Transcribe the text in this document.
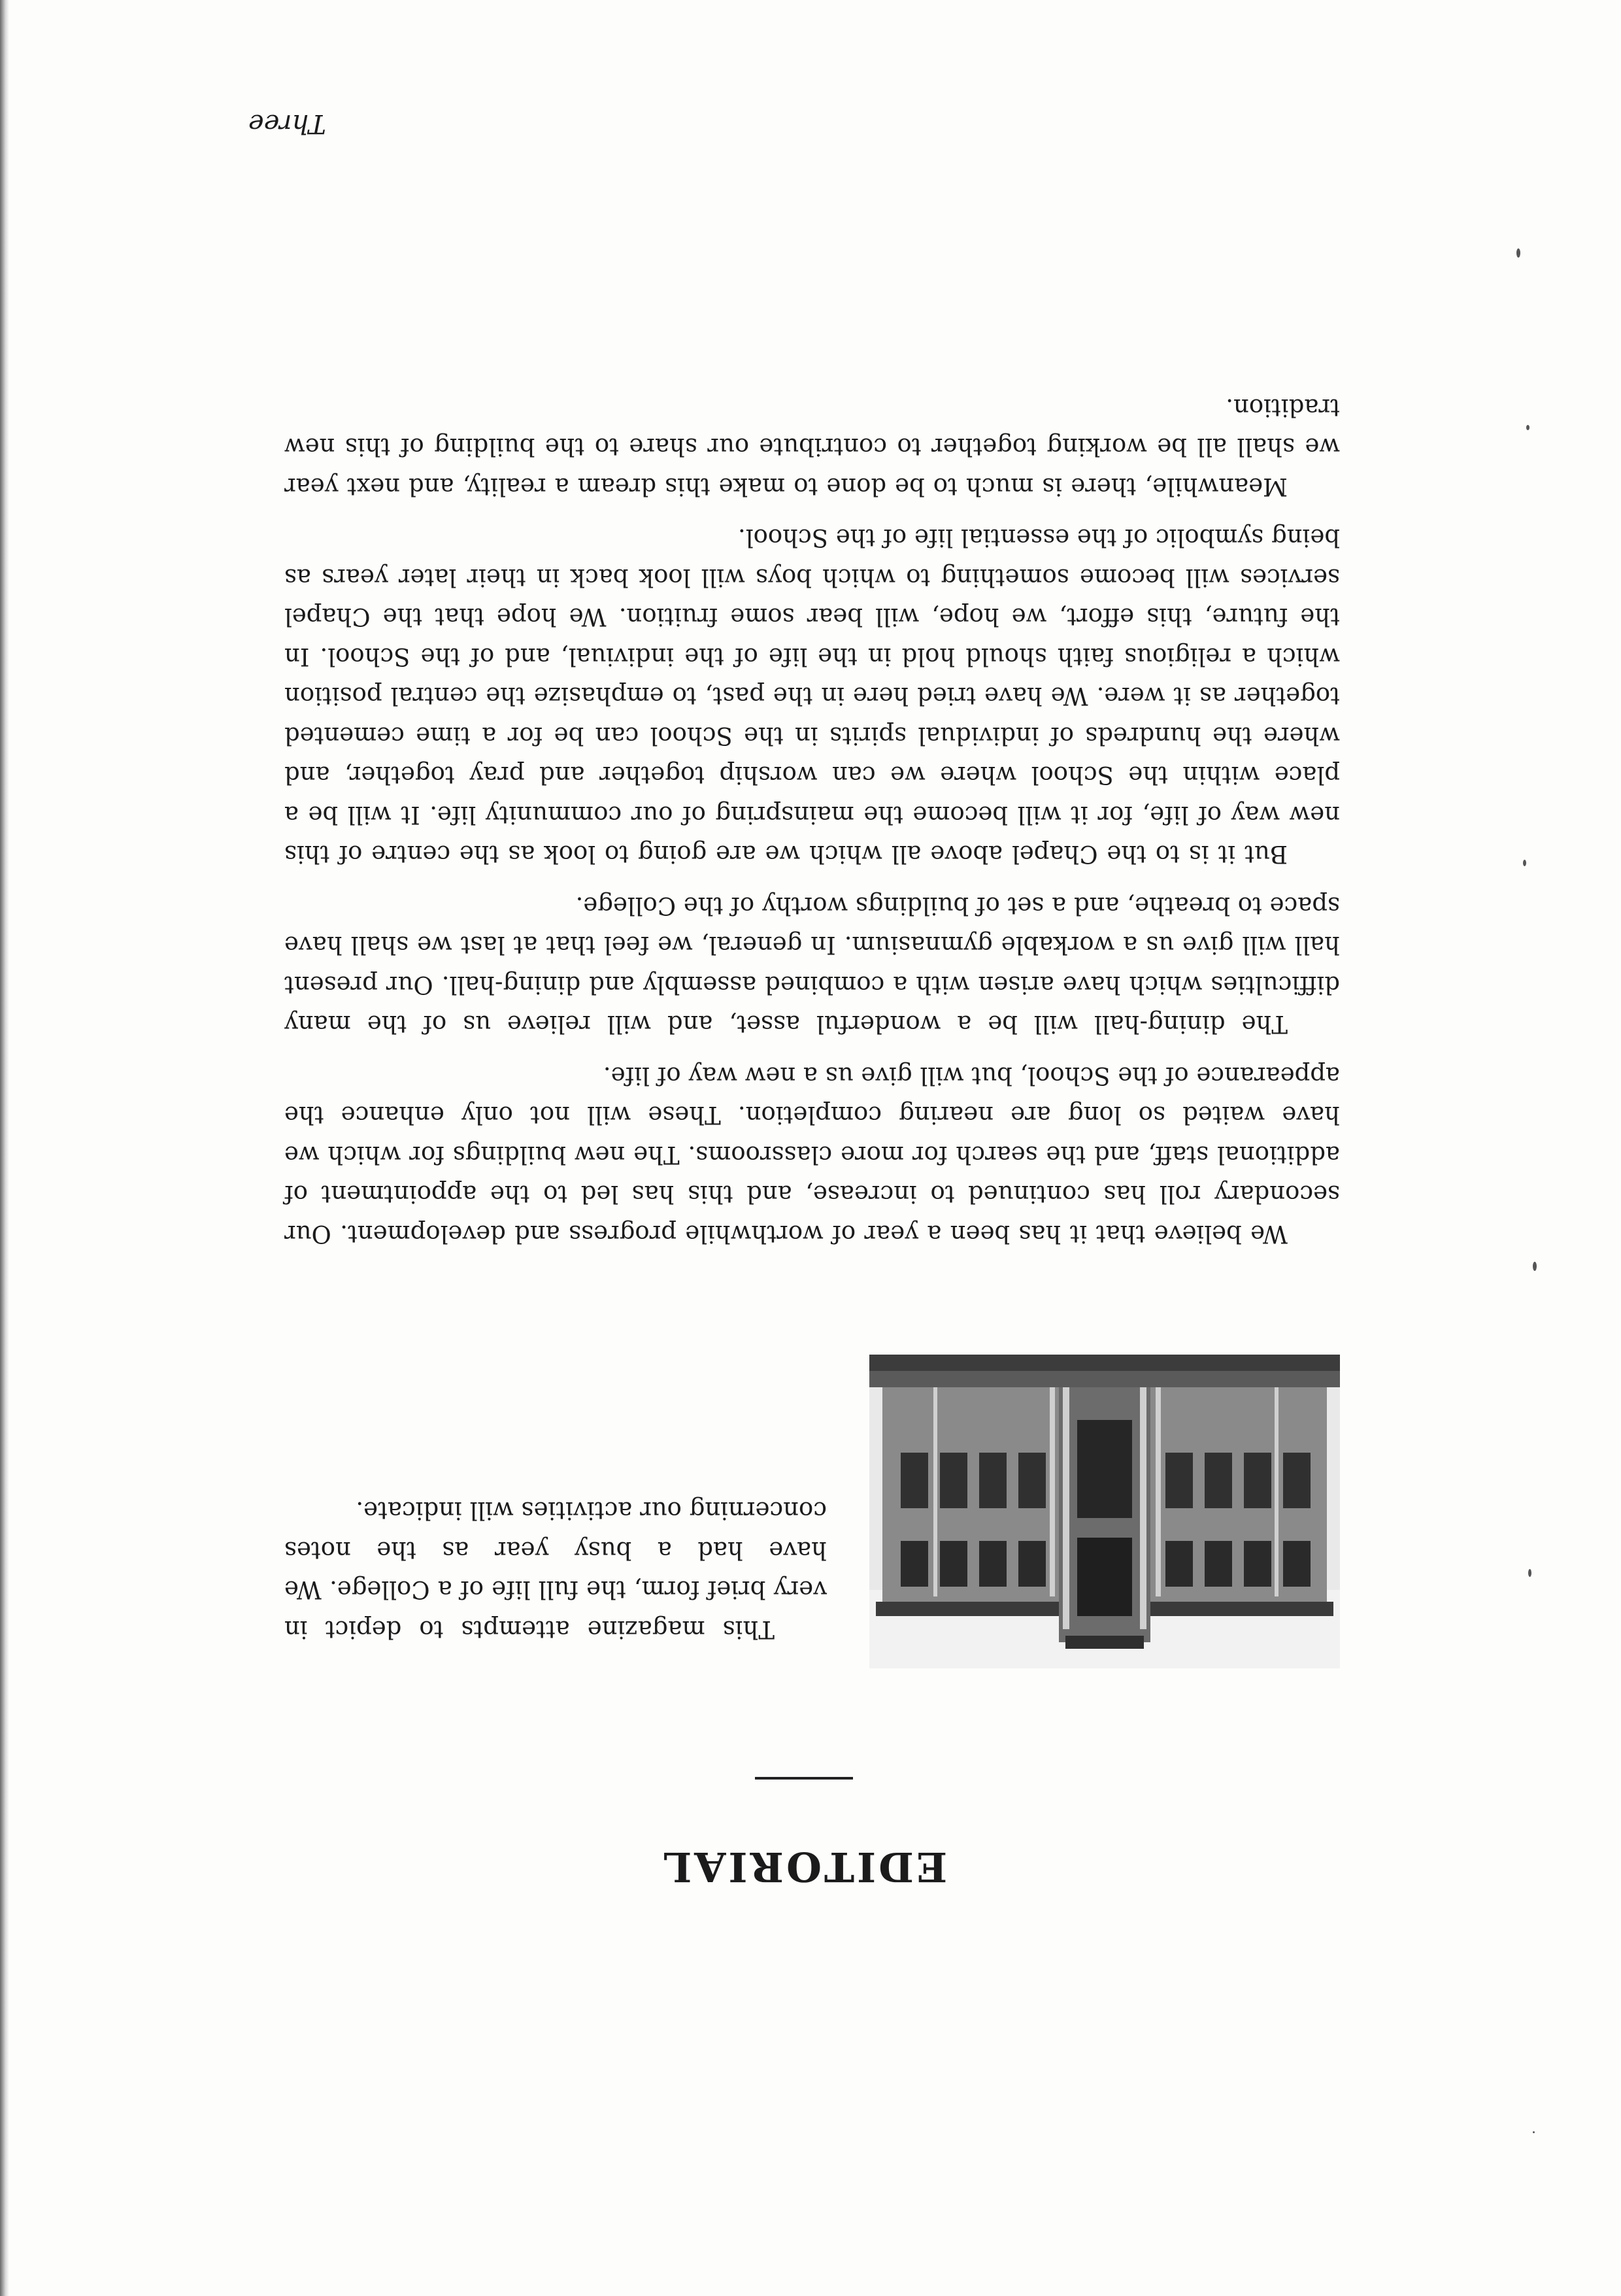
EDITORIAL

This magazine attempts to depict in very brief form, the full life of a College. We have had a busy year as the notes concerning our activities will indicate.

We believe that it has been a year of worthwhile progress and development. Our secondary roll has continued to increase, and this has led to the appointment of additional staff, and the search for more classrooms. The new buildings for which we have waited so long are nearing completion. These will not only enhance the appearance of the School, but will give us a new way of life.

The dining-hall will be a wonderful asset, and will relieve us of the many difficulties which have arisen with a combined assembly and dining-hall. Our present hall will give us a workable gymnasium. In general, we feel that at last we shall have space to breathe, and a set of buildings worthy of the College.

But it is to the Chapel above all which we are going to look as the centre of this new way of life, for it will become the mainspring of our community life. It will be a place within the School where we can worship together and pray together, and where the hundreds of individual spirits in the School can be for a time cemented together as it were. We have tried here in the past, to emphasize the central position which a religious faith should hold in the life of the indiviual, and of the School. In the future, this effort, we hope, will bear some fruition. We hope that the Chapel services will become something to which boys will look back in their later years as being symbolic of the essential life of the School.

Meanwhile, there is much to be done to make this dream a reality, and next year we shall all be working together to contribute our share to the building of this new tradition.

Three
